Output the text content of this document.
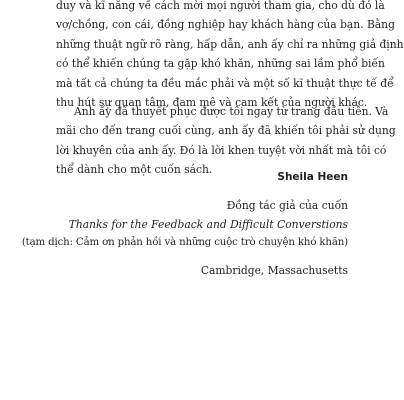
duy và kĩ năng về cách mời mọi người tham gia, cho dù đó là
vợ/chồng, con cái, đồng nghiệp hay khách hàng của bạn. Bằng
những thuật ngữ rõ ràng, hấp dẫn, anh ấy chỉ ra những giả định
có thể khiến chúng ta gặp khó khăn, những sai lầm phổ biến
mà tất cả chúng ta đều mắc phải và một số kĩ thuật thực tế để
thu hút sự quan tâm, đam mê và cam kết của người khác.
Anh ấy đã thuyết phục được tôi ngay từ trang đầu tiên. Và
mãi cho đến trang cuối cùng, anh ấy đã khiến tôi phải sử dụng
lời khuyên của anh ấy. Đó là lời khen tuyệt vời nhất mà tôi có
thể dành cho một cuốn sách.
Sheila Heen
Đồng tác giả của cuốn
Thanks for the Feedback and Difficult Converstions
(tạm dịch: Cảm ơn phản hồi và những cuộc trò chuyện khó khăn)
Cambridge, Massachusetts
